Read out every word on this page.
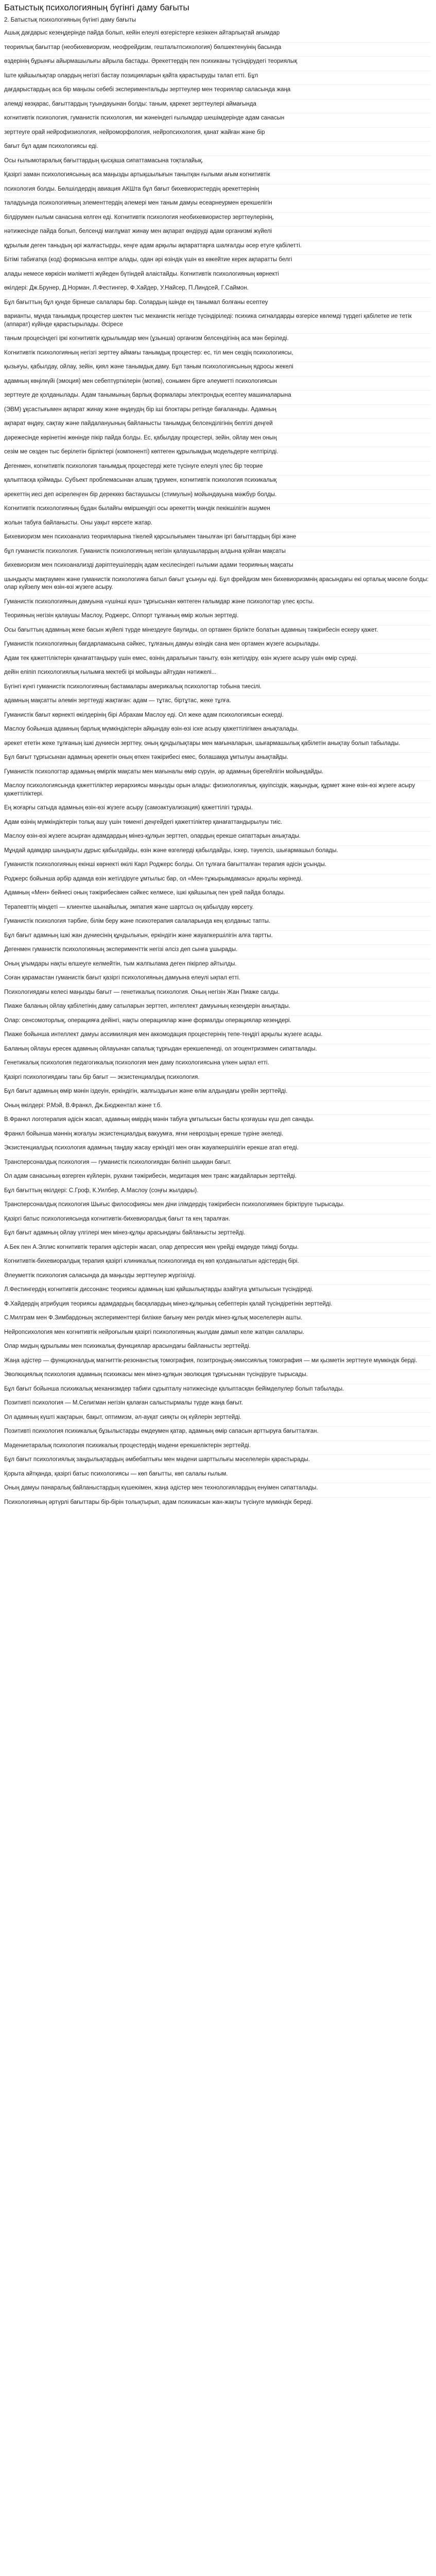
Батыстық психологияның бүгінгі даму бағыты

2. Батыстық психологияның бүгінгі даму бағыты

Ашық дағдарыс кезеңдерінде пайда болып, кейін елеулі өзгерістерге кезіккен айтарлықтай ағымдар

теориялық бағыттар (необихевиоризм, неофрейдизм, гештальтпсихология) бөлшектенуінің басында

өздерінің бұрынғы айырмашылығы айрыла бастады. Әрекеттердің пен психиканы түсіндірудегі теориялық

Іште қайшылықтар олардың негізгі бастау позицияларын қайта қарастыруды талап етті. Бұл

дағдарыстардың аса бір маңызы себебі экспериментальды зерттеулер мен теориялар саласында жаңа

әлемді көзқарас, бағыттардың туындауынан болды: таным, қарекет зерттеулері аймағында

когнитивтік психология, гуманистік психология, ми жәнеіндегі ғылымдар шешімдерінде адам санасын

зерттеуге орай нейрофизиология, нейроморфология, нейропсихология, қанат жайған және бір

бағыт бұл адам психологиясы еді.

Осы ғылымотаралық бағыттардың қысқаша сипаттамасына тоқталайық.

Қазіргі заман психологиясының аса маңызды артықшылығын танытқан ғылыми ағым когнитивтік

психология болды. Бөлшілдердің авиация АКШта бұл бағыт бихевиористердің әрекеттерінің

таладуында психологияның элементтердің әлемері мен таным дамуы есеарнеурмен ерекшелігін

білдірумен ғылым санасына келген еді. Когнитивтік психология необихевиористер зерттеулерінің,

нәтижесінде пайда болып, белсенді мағлұмат жинау мен ақпарат өндіруді адам организмі жүйелі

құрылым деген таныдың әрі жалғастырды, кеңге адам арқылы ақпараттарға шалғалды әсер етуге қабілетті.

Бітімі табиғатқа (код) формасына келтіре алады, одан әрі өзіндік үшін өз көкейтие керек ақпаратты белгі

алады немесе көркісін мәліметті жүйеден бүтіндей алаістайды. Когнитивтік психологияның көрнекті

өкілдері: Дж.Брунер, Д.Норман, Л.Фестингер, Ф.Хайдер, У.Найсер, П.Линдсей, Г.Саймон.

Бұл бағыттың бұл қунде бірнеше салалары бар. Солардың ішінде ең танымал болғаны есептеу

варианты, мұнда танымдық процестер шектен тыс механистік негізде түсіндіріледі: психика сигналдарды өзгерісе көлемді түрдегі қабілетке ие тетік (аппарат) күйінде қарастырылады. Әсіресе

таным процесіндегі іркі когнитивтік құрылымдар мен (ұзынша) организм белсендігінің аса мән беріледі.

Когнитивтік психологияның негізгі зерттеу аймағы танымдық процестер: ес, тіл мен сөздің психологиясы,

қызығуы, қабылдау, ойлау, зейін, қиял және танымдық даму. Бұл таным психологиясының ядросы жекелі

адамның көңілкүйі (эмоция) мен себептүрткілерін (мотив), сонымен бірге әлеуметті психологиясын

зерттеуге де қолданылады. Адам танымының барлық формалары электрондық есептеу машиналарына

(ЭВМ) ұқсастығымен ақпарат жинау және өңдеудің бір іші блоктары ретінде бағаланады. Адамның

ақпарат өңдеу, сақтау және пайдалануының байланысты танымдық белсенділігінің белгілі деңгей

дәрежесінде көрінетіні жөнінде пікір пайда болды. Ес, қабылдау процестері, зейін, ойлау мен оның

сезім ме сөзден тыс берілетін бірліктері (компоненті) көптеген құрылымдық модельдерге келтірілді.

Дегенмен, когнитивтік психология танымдық процестерді жете түсінуге елеулі үлес бір теорие

қалыптасқа қоймады. Субъект проблемасынан алшақ тұрумен, когнитивтік психология психикалық

әрекеттің иесі деп әсірелеңген бір дереккөз бастаушысы (стимулын) мойындауына мәжбүр болды.

Когнитивтік психологияның бұдан былайғы өміршеңдігі осы әрекеттің мәндік пекікшілігін ашумен

жолын табуға байланысты. Оны уақыт көрсете жатар.

Бихевиоризм мен психоанализ теорияларына тікелей қарсылығымен танылған іргі бағыттардың бірі және

бұл гуманистік психология. Гуманистік психологияның негізін қалаушылардың алдына қойған мақсаты

бихевиоризм мен психоанализді дәріптеушілердің адам кесілесіндегі ғылыми адами теорияның мақсаты

шындықты мақтаумен және гуманистік психологияға батыл бағыт ұсынуы еді. Бұл фрейдизм мен бихевиоризмнің арасындағы екі орталық мәселе болды: олар күйзелу мен өзін-өзі жүзеге асыру.

Гуманистік психологияның дамуына «үшінші күш» тұрғысынан көптеген ғалымдар және психологтар үлес қосты.

Теорияның негізін қалаушы Маслоу, Роджерс, Олпорт тұлғаның өмір жолын зерттеді.

Осы бағыттың адамның жеке басын жүйелі түрде мінездеуге баулиды, ол ортамен бірлікте болатын адамның тәжірибесін ескеру қажет.

Гуманистік психологияның бағдарламасына сәйкес, тұлғаның дамуы өзіндік сана мен ортамен жүзеге асырылады.

Адам тек қажеттіліктерін қанағаттандыру үшін емес, өзінің даралығын таныту, өзін жетілдіру, өзін жүзеге асыру үшін өмір сүреді.

дейін еліпіп психологиялық ғылымға мектебі ірі мойынды айтудан нәтижелі...

Бүгінгі күнгі гуманистік психологияның бастамалары америкалық психологтар тобына тиесілі.

адамның мақсатты әлемін зерттеуді жақтаған: адам — тұтас, біртұтас, жеке тұлға.

Гуманистік бағыт көрнекті өкілдерінің бірі Абрахам Маслоу еді. Ол жеке адам психологиясын ескерді.

Маслоу бойынша адамның барлық мүмкіндіктерін айқындау өзін-өзі іске асыру қажеттілігімен анықталады.

әрекет ететін жеке тұлғаның ішкі дүниесін зерттеу, оның құндылықтары мен мағыналарын, шығармашылық қабілетін анықтау болып табылады.

Бұл бағыт тұрғысынан адамның әрекетін оның өткен тәжірибесі емес, болашаққа ұмтылуы анықтайды.

Гуманистік психологтар адамның өмірлік мақсаты мен мағыналы өмір сүруін, әр адамның бірегейлігін мойындайды.

Маслоу психологиясында қажеттіліктер иерархиясы маңызды орын алады: физиологиялық, қауіпсіздік, жақындық, құрмет және өзін-өзі жүзеге асыру қажеттіліктері.

Ең жоғарғы сатыда адамның өзін-өзі жүзеге асыру (самоактуализация) қажеттілігі тұрады.

Адам өзінің мүмкіндіктерін толық ашу үшін төменгі деңгейдегі қажеттіліктер қанағаттандырылуы тиіс.

Маслоу өзін-өзі жүзеге асырған адамдардың мінез-құлқын зерттеп, олардың ерекше сипаттарын анықтады.

Мұндай адамдар шындықты дұрыс қабылдайды, өзін және өзгелерді қабылдайды, іскер, тәуелсіз, шығармашыл болады.

Гуманистік психологияның екінші көрнекті өкілі Карл Роджерс болды. Ол тұлғаға бағытталған терапия әдісін ұсынды.

Роджерс бойынша әрбір адамда өзін жетілдіруге ұмтылыс бар, ол «Мен-тұжырымдамасы» арқылы көрінеді.

Адамның «Мен» бейнесі оның тәжірибесімен сәйкес келмесе, ішкі қайшылық пен үрей пайда болады.

Терапевттің міндеті — клиентке шынайылық, эмпатия және шартсыз оң қабылдау көрсету.

Гуманистік психология тәрбие, білім беру және психотерапия салаларында кең қолданыс тапты.

Бұл бағыт адамның ішкі жан дүниесінің құндылығын, еркіндігін және жауапкершілігін алға тартты.

Дегенмен гуманистік психологияның эксперименттік негізі әлсіз деп сынға ұшырады.

Оның ұғымдары нақты өлшеуге келмейтін, тым жалпылама деген пікірлер айтылды.

Соған қарамастан гуманистік бағыт қазіргі психологияның дамуына елеулі ықпал етті.

Психологиядағы келесі маңызды бағыт — генетикалық психология. Оның негізін Жан Пиаже салды.

Пиаже баланың ойлау қабілетінің даму сатыларын зерттеп, интеллект дамуының кезеңдерін анықтады.

Олар: сенсомоторлық, операцияға дейінгі, нақты операциялар және формалды операциялар кезеңдері.

Пиаже бойынша интеллект дамуы ассимиляция мен аккомодация процестерінің тепе-теңдігі арқылы жүзеге асады.

Баланың ойлауы ересек адамның ойлауынан сапалық тұрғыдан ерекшеленеді, ол эгоцентризммен сипатталады.

Генетикалық психология педагогикалық психология мен даму психологиясына үлкен ықпал етті.

Қазіргі психологиядағы тағы бір бағыт — экзистенциалдық психология.

Бұл бағыт адамның өмір мәнін іздеуін, еркіндігін, жалғыздығын және өлім алдындағы үрейін зерттейді.

Оның өкілдері: Р.Мэй, В.Франкл, Дж.Бюджентал және т.б.

В.Франкл логотерапия әдісін жасап, адамның өмірдің мәнін табуға ұмтылысын басты қозғаушы күш деп санады.

Франкл бойынша мәннің жоғалуы экзистенциалдық вакуумға, яғни невроздың ерекше түріне әкеледі.

Экзистенциалдық психология адамның таңдау жасау еркіндігі мен оған жауапкершілігін ерекше атап өтеді.

Трансперсоналдық психология — гуманистік психологиядан бөлініп шыққан бағыт.

Ол адам санасының өзгерген күйлерін, рухани тәжірибесін, медитация мен транс жағдайларын зерттейді.

Бұл бағыттың өкілдері: С.Гроф, К.Уилбер, А.Маслоу (соңғы жылдары).

Трансперсоналдық психология Шығыс философиясы мен діни ілімдердің тәжірибесін психологиямен біріктіруге тырысады.

Қазіргі батыс психологиясында когнитивтік-бихевиоралдық бағыт та кең таралған.

Бұл бағыт адамның ойлау үлгілері мен мінез-құлқы арасындағы байланысты зерттейді.

А.Бек пен А.Эллис когнитивтік терапия әдістерін жасап, олар депрессия мен үрейді емдеуде тиімді болды.

Когнитивтік-бихевиоралдық терапия қазіргі клиникалық психологияда ең көп қолданылатын әдістердің бірі.

Әлеуметтік психология саласында да маңызды зерттеулер жүргізілді.

Л.Фестингердің когнитивтік диссонанс теориясы адамның ішкі қайшылықтарды азайтуға ұмтылысын түсіндіреді.

Ф.Хайдердің атрибуция теориясы адамдардың басқалардың мінез-құлқының себептерін қалай түсіндіретінін зерттейді.

С.Милграм мен Ф.Зимбардоның эксперименттері билікке бағыну мен рөлдік мінез-құлық мәселелерін ашты.

Нейропсихология мен когнитивтік нейроғылым қазіргі психологияның жылдам дамып келе жатқан салалары.

Олар мидың құрылымы мен психикалық функциялар арасындағы байланысты зерттейді.

Жаңа әдістер — функционалдық магниттік-резонанстық томография, позитрондық-эмиссиялық томография — ми қызметін зерттеуге мүмкіндік берді.

Эволюциялық психология адамның психикасы мен мінез-құлқын эволюция тұрғысынан түсіндіруге тырысады.

Бұл бағыт бойынша психикалық механизмдер табиғи сұрыпталу нәтижесінде қалыптасқан бейімделулер болып табылады.

Позитивті психология — М.Селигман негізін қалаған салыстырмалы түрде жаңа бағыт.

Ол адамның күшті жақтарын, бақыт, оптимизм, әл-ауқат сияқты оң күйлерін зерттейді.

Позитивті психология психикалық бұзылыстарды емдеумен қатар, адамның өмір сапасын арттыруға бағытталған.

Мәдениетаралық психология психикалық процестердің мәдени ерекшеліктерін зерттейді.

Бұл бағыт психологиялық заңдылықтардың әмбебаптығы мен мәдени шарттылығы мәселелерін қарастырады.

Қорыта айтқанда, қазіргі батыс психологиясы — көп бағытты, көп салалы ғылым.

Оның дамуы пәнаралық байланыстардың күшеюімен, жаңа әдістер мен технологиялардың енуімен сипатталады.

Психологияның әртүрлі бағыттары бір-бірін толықтырып, адам психикасын жан-жақты түсінуге мүмкіндік береді.
